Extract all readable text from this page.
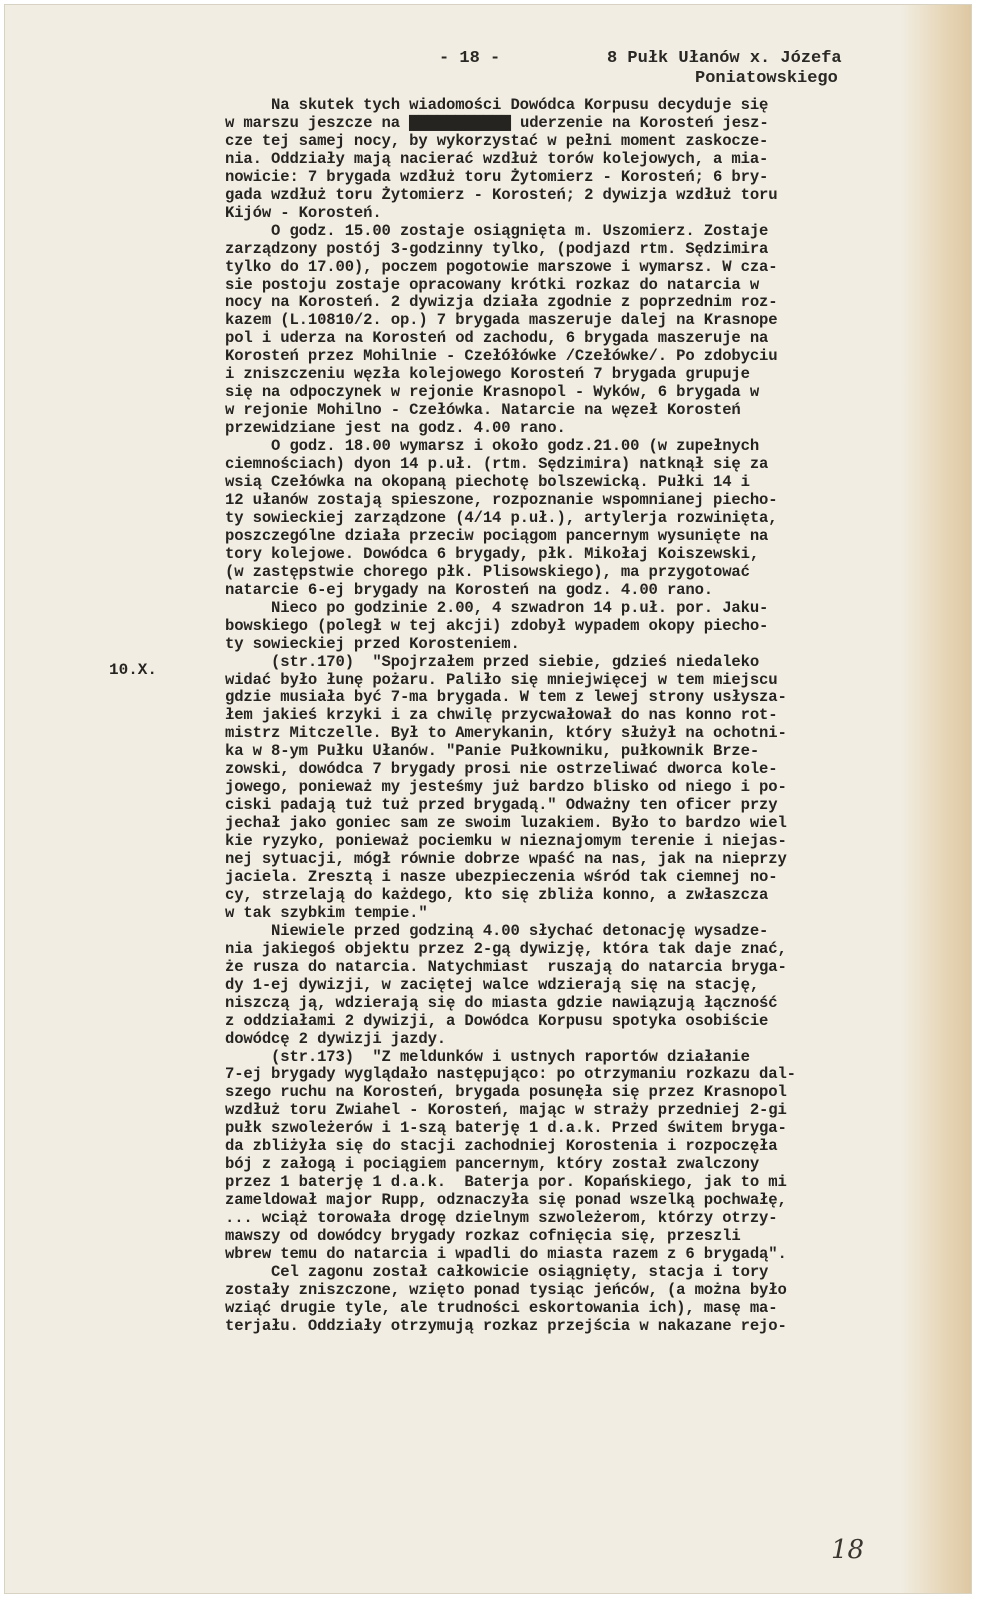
- 18 -	8 Pułk Ułanów x. Józefa
Poniatowskiego
10.X.
Na skutek tych wiadomości Dowódca Korpusu decyduje się
w marszu jeszcze na ▇▇▇▇▇▇▇▇▇▇▇ uderzenie na Korosteń jesz-
cze tej samej nocy, by wykorzystać w pełni moment zaskocze-
nia. Oddziały mają nacierać wzdłuż torów kolejowych, a mia-
nowicie: 7 brygada wzdłuż toru Żytomierz - Korosteń; 6 bry-
gada wzdłuż toru Żytomierz - Korosteń; 2 dywizja wzdłuż toru
Kijów - Korosteń.
O godz. 15.00 zostaje osiągnięta m. Uszomierz. Zostaje
zarządzony postój 3-godzinny tylko, (podjazd rtm. Sędzimira
tylko do 17.00), poczem pogotowie marszowe i wymarsz. W cza-
sie postoju zostaje opracowany krótki rozkaz do natarcia w
nocy na Korosteń. 2 dywizja działa zgodnie z poprzednim roz-
kazem (L.10810/2. op.) 7 brygada maszeruje dalej na Krasnope
pol i uderza na Korosteń od zachodu, 6 brygada maszeruje na
Korosteń przez Mohilnie - Czełółówke /Czełówke/. Po zdobyciu
i zniszczeniu węzła kolejowego Korosteń 7 brygada grupuje
się na odpoczynek w rejonie Krasnopol - Wyków, 6 brygada w
w rejonie Mohilno - Czełówka. Natarcie na węzeł Korosteń
przewidziane jest na godz. 4.00 rano.
O godz. 18.00 wymarsz i około godz.21.00 (w zupełnych
ciemnościach) dyon 14 p.uł. (rtm. Sędzimira) natknął się za
wsią Czełówka na okopaną piechotę bolszewicką. Pułki 14 i
12 ułanów zostają spieszone, rozpoznanie wspomnianej piecho-
ty sowieckiej zarządzone (4/14 p.uł.), artylerja rozwinięta,
poszczególne działa przeciw pociągom pancernym wysunięte na
tory kolejowe. Dowódca 6 brygady, płk. Mikołaj Koiszewski,
(w zastępstwie chorego płk. Plisowskiego), ma przygotować
natarcie 6-ej brygady na Korosteń na godz. 4.00 rano.
Nieco po godzinie 2.00, 4 szwadron 14 p.uł. por. Jaku-
bowskiego (poległ w tej akcji) zdobył wypadem okopy piecho-
ty sowieckiej przed Korosteniem.
(str.170)  "Spojrzałem przed siebie, gdzieś niedaleko
widać było łunę pożaru. Paliło się mniejwięcej w tem miejscu
gdzie musiała być 7-ma brygada. W tem z lewej strony usłysza-
łem jakieś krzyki i za chwilę przycwałował do nas konno rot-
mistrz Mitczelle. Był to Amerykanin, który służył na ochotni-
ka w 8-ym Pułku Ułanów. "Panie Pułkowniku, pułkownik Brze-
zowski, dowódca 7 brygady prosi nie ostrzeliwać dworca kole-
jowego, ponieważ my jesteśmy już bardzo blisko od niego i po-
ciski padają tuż tuż przed brygadą." Odważny ten oficer przy
jechał jako goniec sam ze swoim luzakiem. Było to bardzo wiel
kie ryzyko, ponieważ pociemku w nieznajomym terenie i niejas-
nej sytuacji, mógł równie dobrze wpaść na nas, jak na nieprzy
jaciela. Zresztą i nasze ubezpieczenia wśród tak ciemnej no-
cy, strzelają do każdego, kto się zbliża konno, a zwłaszcza
w tak szybkim tempie."
Niewiele przed godziną 4.00 słychać detonację wysadze-
nia jakiegoś objektu przez 2-gą dywizję, która tak daje znać,
że rusza do natarcia. Natychmiast  ruszają do natarcia bryga-
dy 1-ej dywizji, w zaciętej walce wdzierają się na stację,
niszczą ją, wdzierają się do miasta gdzie nawiązują łączność
z oddziałami 2 dywizji, a Dowódca Korpusu spotyka osobiście
dowódcę 2 dywizji jazdy.
(str.173)  "Z meldunków i ustnych raportów działanie
7-ej brygady wyglądało następująco: po otrzymaniu rozkazu dal-
szego ruchu na Korosteń, brygada posunęła się przez Krasnopol
wzdłuż toru Zwiahel - Korosteń, mając w straży przedniej 2-gi
pułk szwoleżerów i 1-szą baterję 1 d.a.k. Przed świtem bryga-
da zbliżyła się do stacji zachodniej Korostenia i rozpoczęła
bój z załogą i pociągiem pancernym, który został zwalczony
przez 1 baterję 1 d.a.k.  Baterja por. Kopańskiego, jak to mi
zameldował major Rupp, odznaczyła się ponad wszelką pochwałę,
... wciąż torowała drogę dzielnym szwoleżerom, którzy otrzy-
mawszy od dowódcy brygady rozkaz cofnięcia się, przeszli
wbrew temu do natarcia i wpadli do miasta razem z 6 brygadą".
Cel zagonu został całkowicie osiągnięty, stacja i tory
zostały zniszczone, wzięto ponad tysiąc jeńców, (a można było
wziąć drugie tyle, ale trudności eskortowania ich), masę ma-
terjału. Oddziały otrzymują rozkaz przejścia w nakazane rejo-
18
